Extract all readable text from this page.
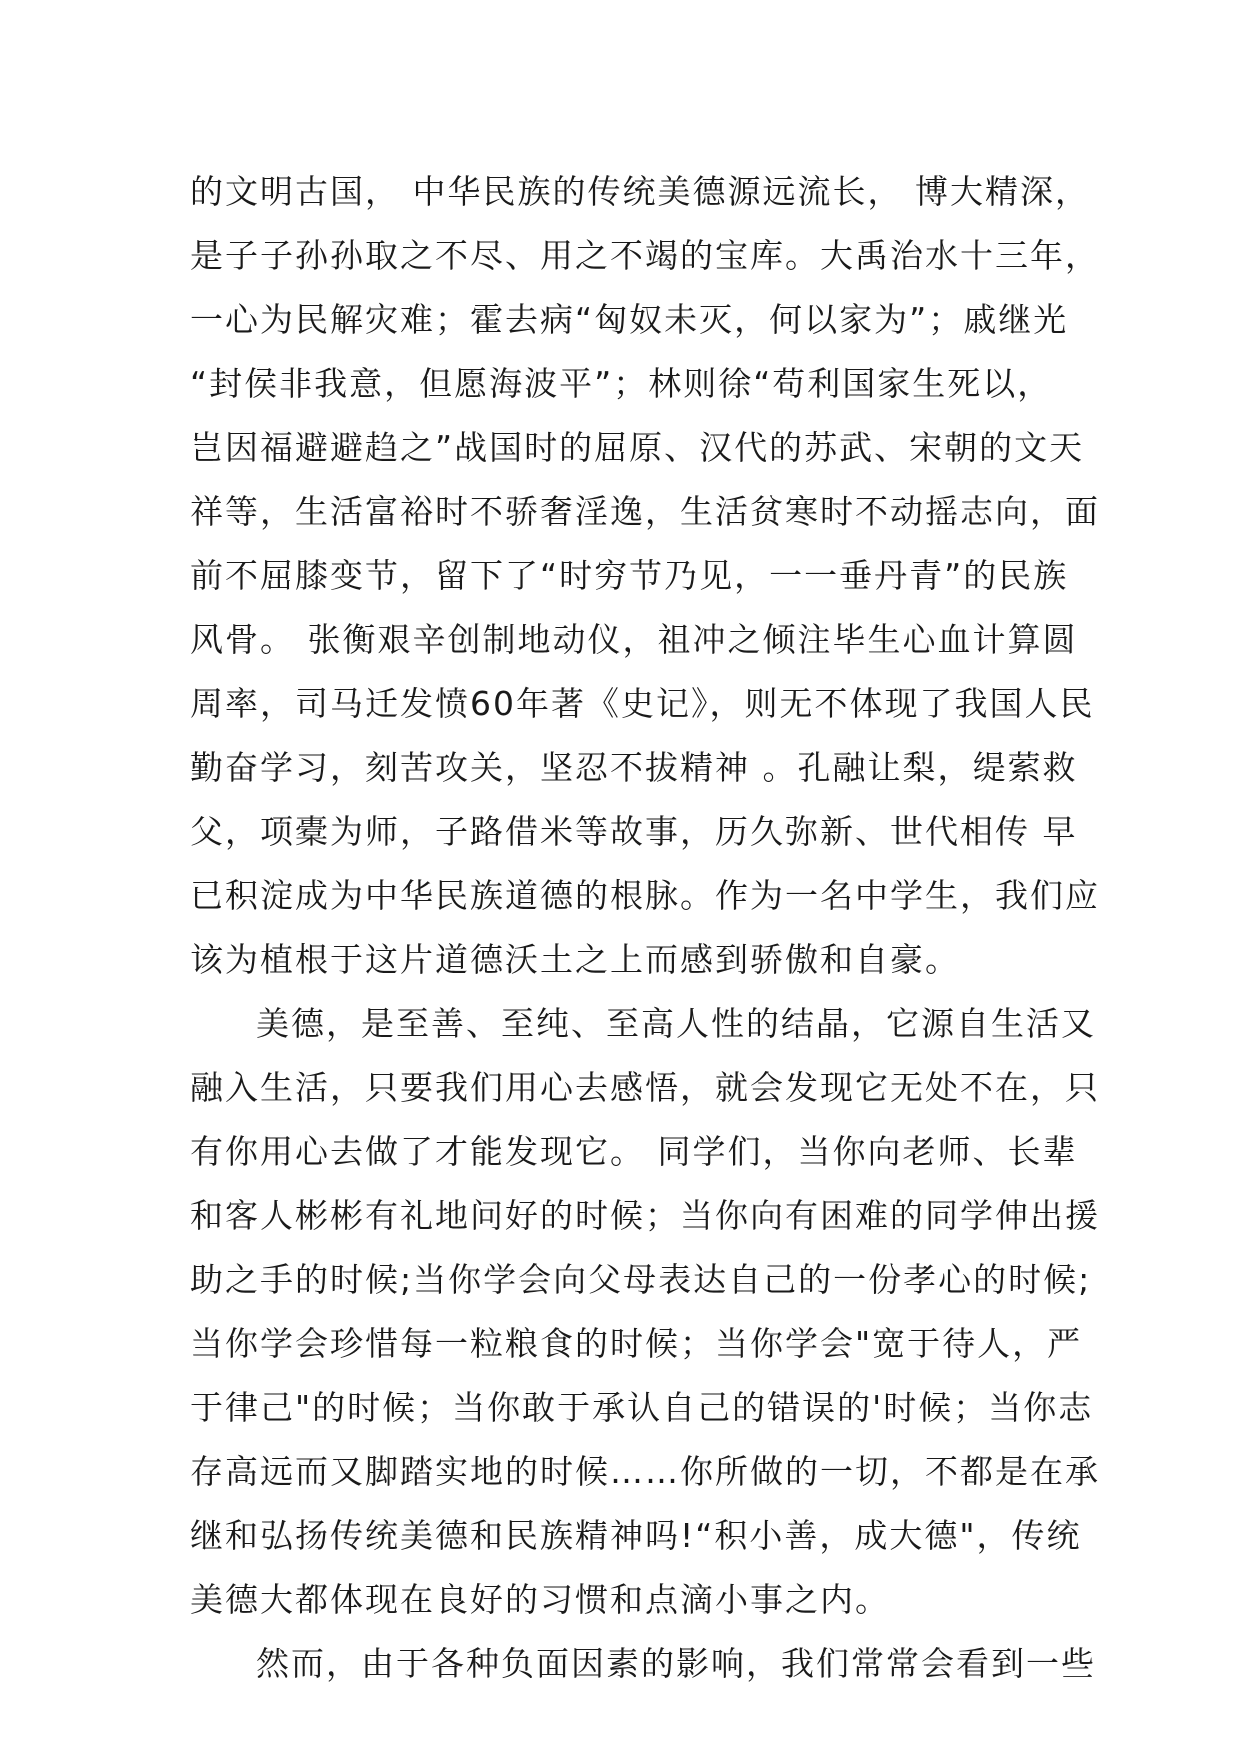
的文明古国， 中华民族的传统美德源远流长， 博大精深，
是子子孙孙取之不尽、用之不竭的宝库。大禹治水十三年，
一心为民解灾难；霍去病“匈奴未灭，何以家为”；戚继光
“封侯非我意，但愿海波平”；林则徐“苟利国家生死以，
岂因福避避趋之”战国时的屈原、汉代的苏武、宋朝的文天
祥等，生活富裕时不骄奢淫逸，生活贫寒时不动摇志向，面
前不屈膝变节，留下了“时穷节乃见，一一垂丹青”的民族
风骨。 张衡艰辛创制地动仪，祖冲之倾注毕生心血计算圆
周率，司马迁发愤60年著《史记》，则无不体现了我国人民
勤奋学习，刻苦攻关，坚忍不拔精神 。孔融让梨，缇萦救
父，项橐为师，子路借米等故事，历久弥新、世代相传 早
已积淀成为中华民族道德的根脉。作为一名中学生，我们应
该为植根于这片道德沃土之上而感到骄傲和自豪。
美德，是至善、至纯、至高人性的结晶，它源自生活又
融入生活，只要我们用心去感悟，就会发现它无处不在，只
有你用心去做了才能发现它。 同学们，当你向老师、长辈
和客人彬彬有礼地问好的时候；当你向有困难的同学伸出援
助之手的时候;当你学会向父母表达自己的一份孝心的时候;
当你学会珍惜每一粒粮食的时候；当你学会"宽于待人，严
于律己"的时候；当你敢于承认自己的错误的'时候；当你志
存高远而又脚踏实地的时候……你所做的一切，不都是在承
继和弘扬传统美德和民族精神吗!“积小善，成大德"，传统
美德大都体现在良好的习惯和点滴小事之内。
然而，由于各种负面因素的影响，我们常常会看到一些
